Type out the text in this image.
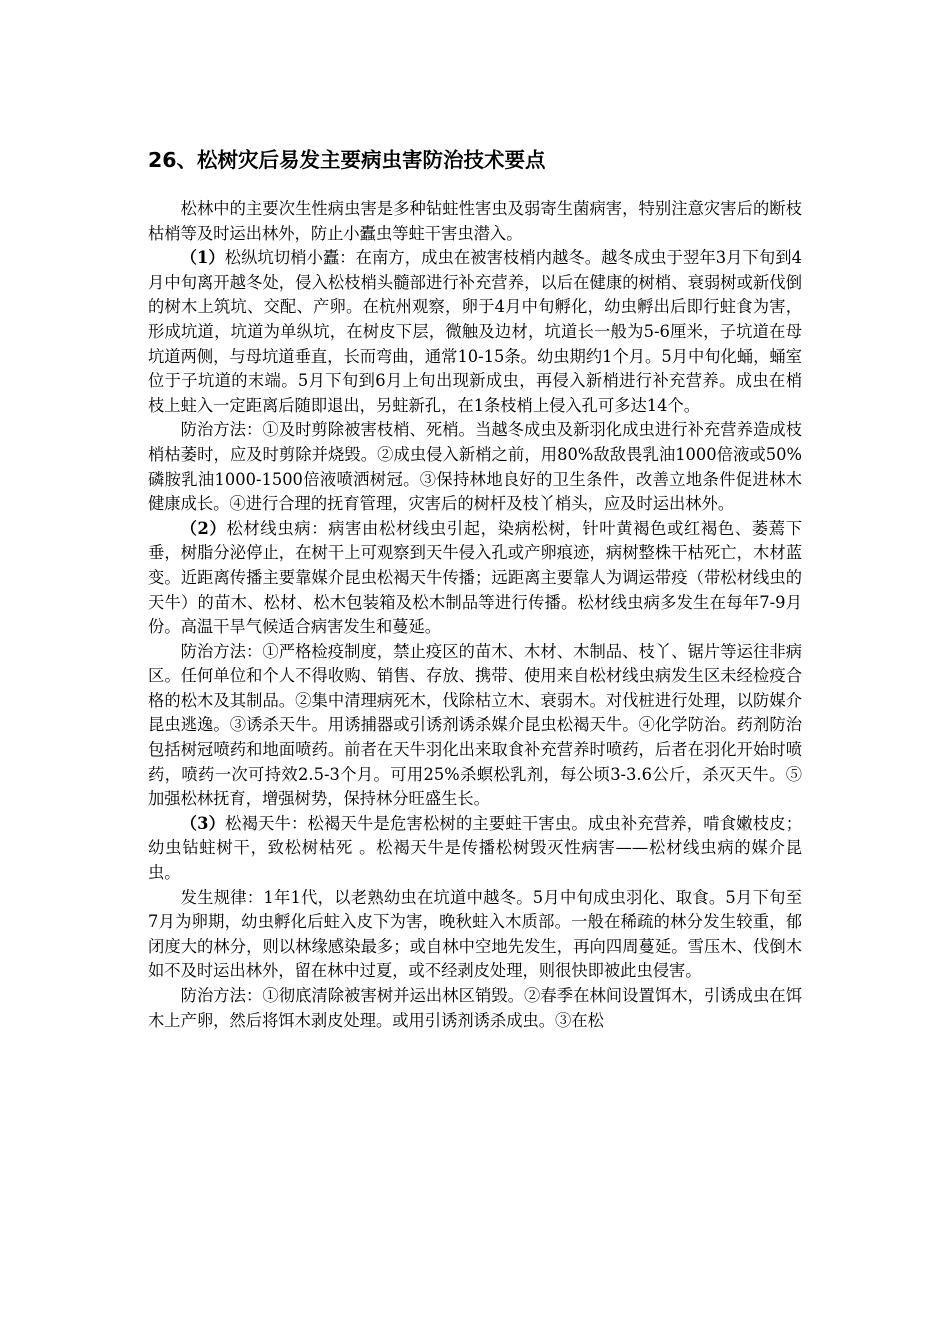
26、松树灾后易发主要病虫害防治技术要点

松林中的主要次生性病虫害是多种钻蛀性害虫及弱寄生菌病害，特别注意灾害后的断枝枯梢等及时运出林外，防止小蠹虫等蛀干害虫潜入。

（1）松纵坑切梢小蠹：在南方，成虫在被害枝梢内越冬。越冬成虫于翌年3月下旬到4月中旬离开越冬处，侵入松枝梢头髓部进行补充营养，以后在健康的树梢、衰弱树或新伐倒的树木上筑坑、交配、产卵。在杭州观察，卵于4月中旬孵化，幼虫孵出后即行蛀食为害，形成坑道，坑道为单纵坑，在树皮下层，微触及边材，坑道长一般为5-6厘米，子坑道在母坑道两侧，与母坑道垂直，长而弯曲，通常10-15条。幼虫期约1个月。5月中旬化蛹，蛹室位于子坑道的末端。5月下旬到6月上旬出现新成虫，再侵入新梢进行补充营养。成虫在梢枝上蛀入一定距离后随即退出，另蛀新孔，在1条枝梢上侵入孔可多达14个。

防治方法：①及时剪除被害枝梢、死梢。当越冬成虫及新羽化成虫进行补充营养造成枝梢枯萎时，应及时剪除并烧毁。②成虫侵入新梢之前，用80%敌敌畏乳油1000倍液或50%磷胺乳油1000-1500倍液喷洒树冠。③保持林地良好的卫生条件，改善立地条件促进林木健康成长。④进行合理的抚育管理，灾害后的树杆及枝丫梢头，应及时运出林外。

（2）松材线虫病：病害由松材线虫引起，染病松树，针叶黄褐色或红褐色、萎蔫下垂，树脂分泌停止，在树干上可观察到天牛侵入孔或产卵痕迹，病树整株干枯死亡，木材蓝变。近距离传播主要靠媒介昆虫松褐天牛传播；远距离主要靠人为调运带疫（带松材线虫的天牛）的苗木、松材、松木包装箱及松木制品等进行传播。松材线虫病多发生在每年7-9月份。高温干旱气候适合病害发生和蔓延。

防治方法：①严格检疫制度，禁止疫区的苗木、木材、木制品、枝丫、锯片等运往非病区。任何单位和个人不得收购、销售、存放、携带、使用来自松材线虫病发生区未经检疫合格的松木及其制品。②集中清理病死木，伐除枯立木、衰弱木。对伐桩进行处理，以防媒介昆虫逃逸。③诱杀天牛。用诱捕器或引诱剂诱杀媒介昆虫松褐天牛。④化学防治。药剂防治包括树冠喷药和地面喷药。前者在天牛羽化出来取食补充营养时喷药，后者在羽化开始时喷药，喷药一次可持效2.5-3个月。可用25%杀螟松乳剂，每公顷3-3.6公斤，杀灭天牛。⑤加强松林抚育，增强树势，保持林分旺盛生长。

（3）松褐天牛：松褐天牛是危害松树的主要蛀干害虫。成虫补充营养，啃食嫩枝皮；幼虫钻蛀树干，致松树枯死 。松褐天牛是传播松树毁灭性病害——松材线虫病的媒介昆虫。

发生规律：1年1代，以老熟幼虫在坑道中越冬。5月中旬成虫羽化、取食。5月下旬至7月为卵期，幼虫孵化后蛀入皮下为害，晚秋蛀入木质部。一般在稀疏的林分发生较重，郁闭度大的林分，则以林缘感染最多；或自林中空地先发生，再向四周蔓延。雪压木、伐倒木如不及时运出林外，留在林中过夏，或不经剥皮处理，则很快即被此虫侵害。

防治方法：①彻底清除被害树并运出林区销毁。②春季在林间设置饵木，引诱成虫在饵木上产卵，然后将饵木剥皮处理。或用引诱剂诱杀成虫。③在松
